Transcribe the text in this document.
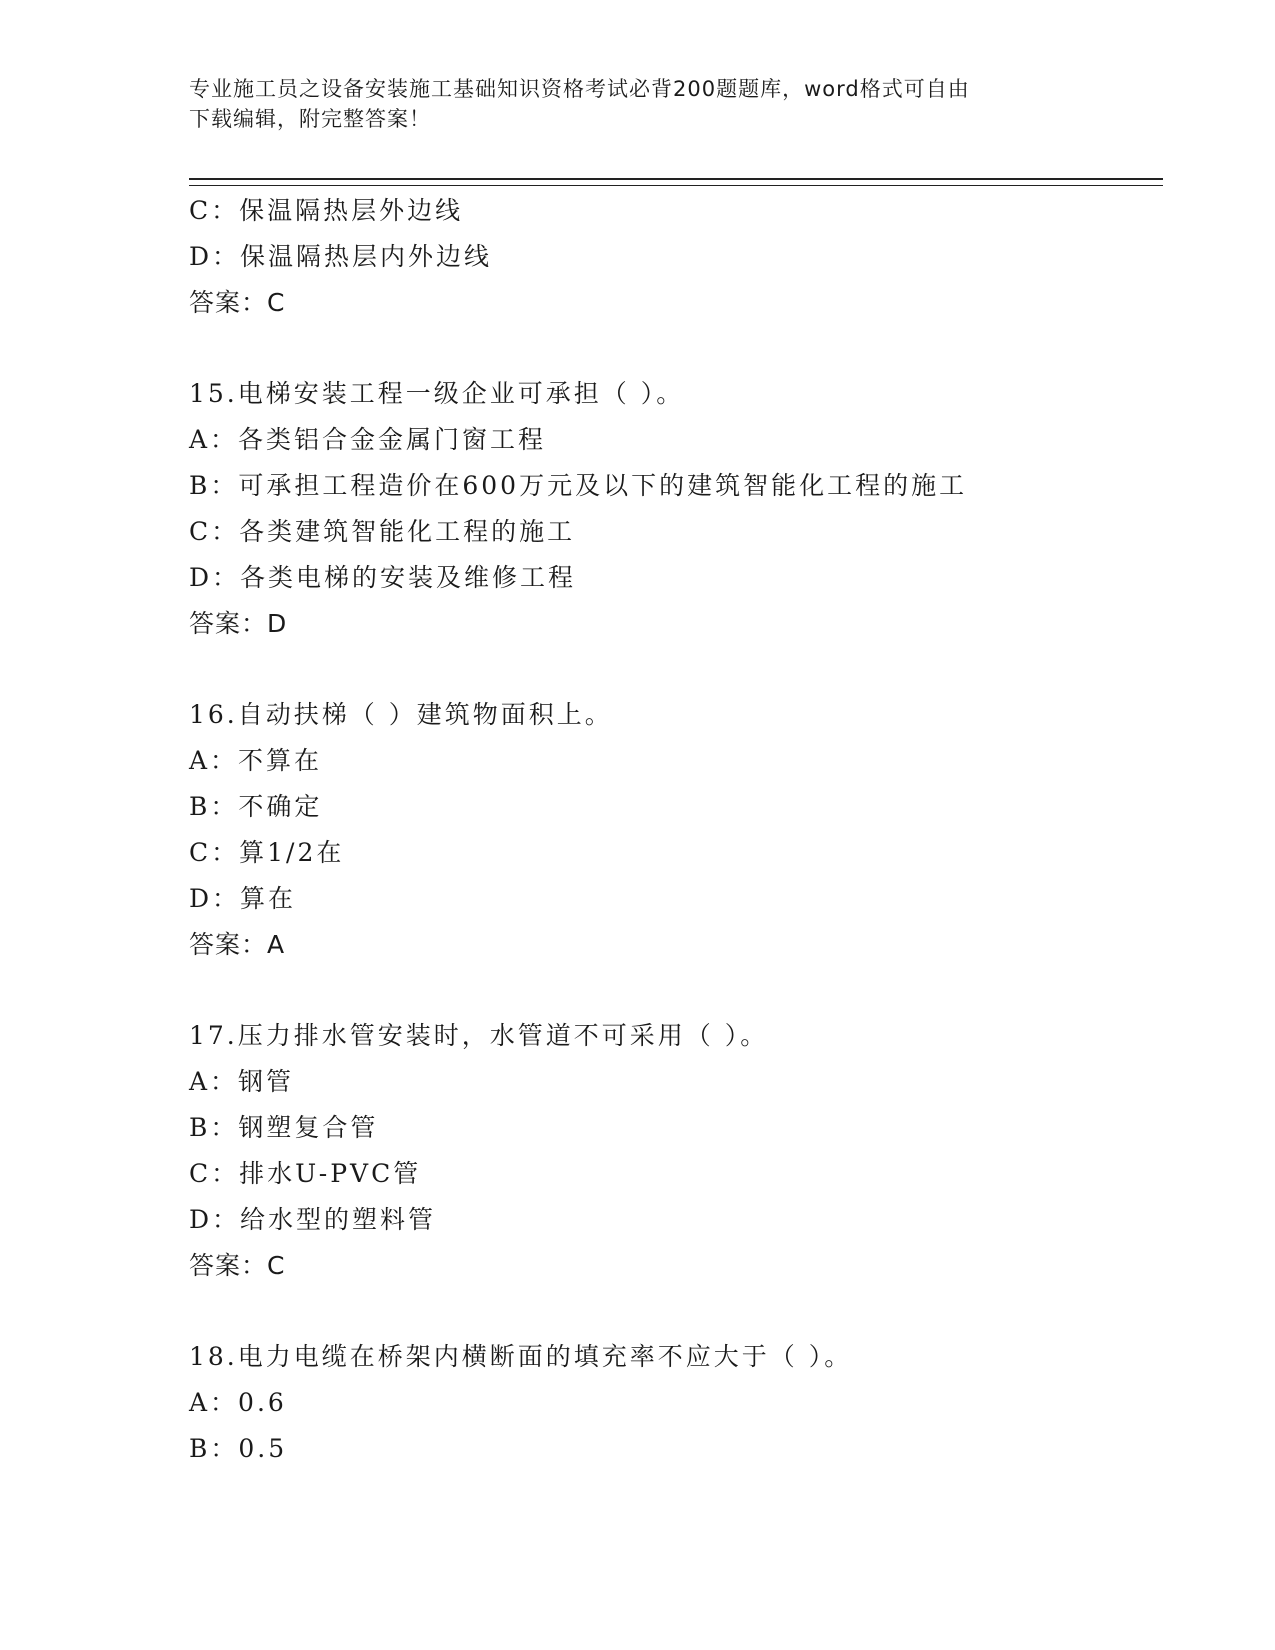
专业施工员之设备安装施工基础知识资格考试必背200题题库，word格式可自由
下载编辑，附完整答案！
C：保温隔热层外边线
D：保温隔热层内外边线
答案：C
15.电梯安装工程一级企业可承担（ ）。
A：各类铝合金金属门窗工程
B：可承担工程造价在600万元及以下的建筑智能化工程的施工
C：各类建筑智能化工程的施工
D：各类电梯的安装及维修工程
答案：D
16.自动扶梯（ ）建筑物面积上。
A：不算在
B：不确定
C：算1/2在
D：算在
答案：A
17.压力排水管安装时，水管道不可采用（ ）。
A：钢管
B：钢塑复合管
C：排水U-PVC管
D：给水型的塑料管
答案：C
18.电力电缆在桥架内横断面的填充率不应大于（ ）。
A：0.6
B：0.5
